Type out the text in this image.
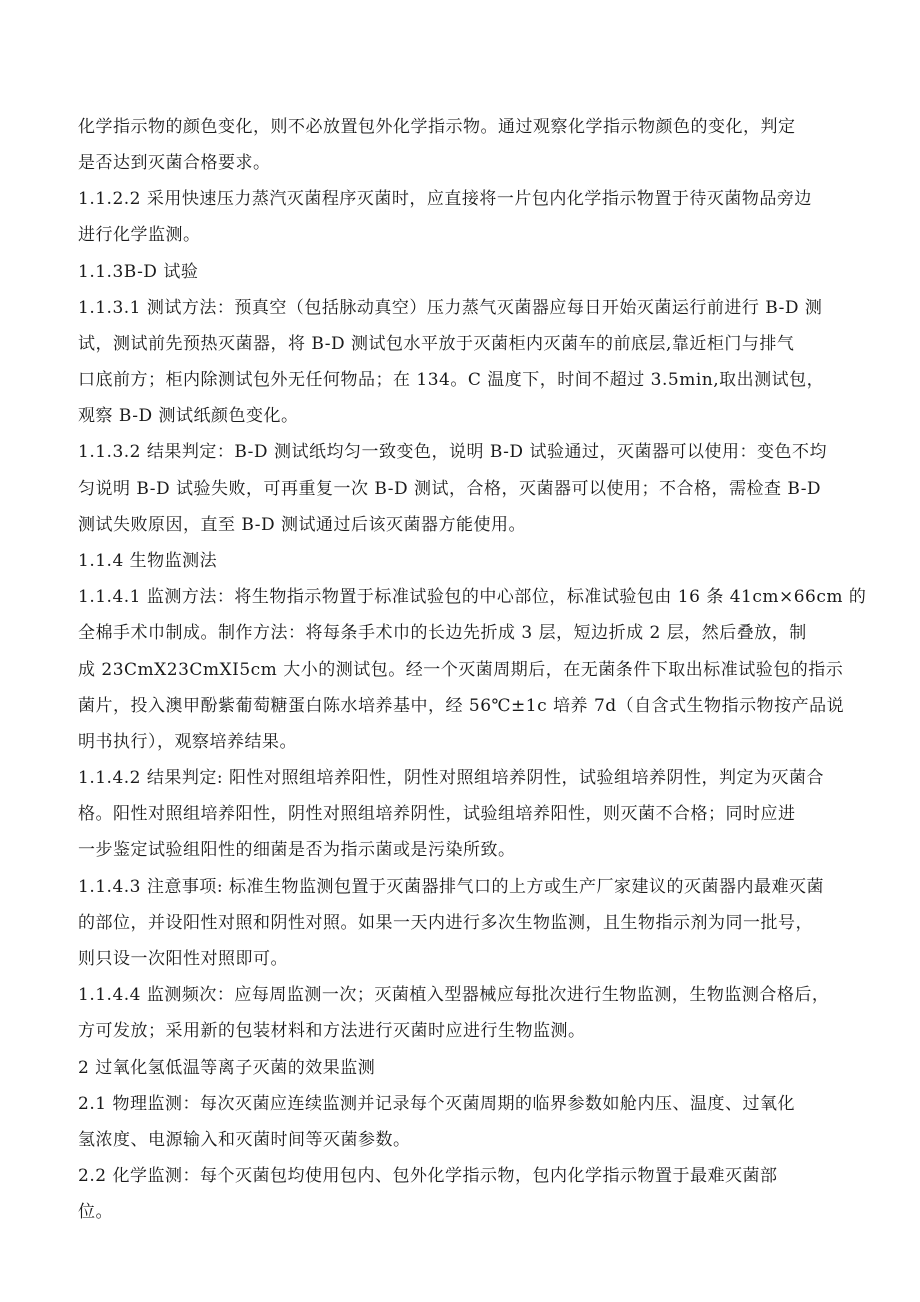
化学指示物的颜色变化，则不必放置包外化学指示物。通过观察化学指示物颜色的变化，判定
是否达到灭菌合格要求。
1.1.2.2 采用快速压力蒸汽灭菌程序灭菌时，应直接将一片包内化学指示物置于待灭菌物品旁边
进行化学监测。
1.1.3B-D 试验
1.1.3.1 测试方法：预真空（包括脉动真空）压力蒸气灭菌器应每日开始灭菌运行前进行 B-D 测
试，测试前先预热灭菌器，将 B-D 测试包水平放于灭菌柜内灭菌车的前底层,靠近柜门与排气
口底前方；柜内除测试包外无任何物品；在 134。C 温度下，时间不超过 3.5min,取出测试包，
观察 B-D 测试纸颜色变化。
1.1.3.2 结果判定：B-D 测试纸均匀一致变色，说明 B-D 试验通过，灭菌器可以使用：变色不均
匀说明 B-D 试验失败，可再重复一次 B-D 测试，合格，灭菌器可以使用；不合格，需检查 B-D
测试失败原因，直至 B-D 测试通过后该灭菌器方能使用。
1.1.4 生物监测法
1.1.4.1 监测方法：将生物指示物置于标准试验包的中心部位，标准试验包由 16 条 41cm×66cm 的
全棉手术巾制成。制作方法：将每条手术巾的长边先折成 3 层，短边折成 2 层，然后叠放，制
成 23CmX23CmXI5cm 大小的测试包。经一个灭菌周期后，在无菌条件下取出标准试验包的指示
菌片，投入澳甲酚紫葡萄糖蛋白陈水培养基中，经 56℃±1c 培养 7d（自含式生物指示物按产品说
明书执行），观察培养结果。
1.1.4.2 结果判定: 阳性对照组培养阳性，阴性对照组培养阴性，试验组培养阴性，判定为灭菌合
格。阳性对照组培养阳性，阴性对照组培养阴性，试验组培养阳性，则灭菌不合格；同时应进
一步鉴定试验组阳性的细菌是否为指示菌或是污染所致。
1.1.4.3 注意事项: 标准生物监测包置于灭菌器排气口的上方或生产厂家建议的灭菌器内最难灭菌
的部位，并设阳性对照和阴性对照。如果一天内进行多次生物监测，且生物指示剂为同一批号，
则只设一次阳性对照即可。
1.1.4.4 监测频次：应每周监测一次；灭菌植入型器械应每批次进行生物监测，生物监测合格后，
方可发放；采用新的包装材料和方法进行灭菌时应进行生物监测。
2 过氧化氢低温等离子灭菌的效果监测
2.1 物理监测：每次灭菌应连续监测并记录每个灭菌周期的临界参数如舱内压、温度、过氧化
氢浓度、电源输入和灭菌时间等灭菌参数。
2.2 化学监测：每个灭菌包均使用包内、包外化学指示物，包内化学指示物置于最难灭菌部
位。
